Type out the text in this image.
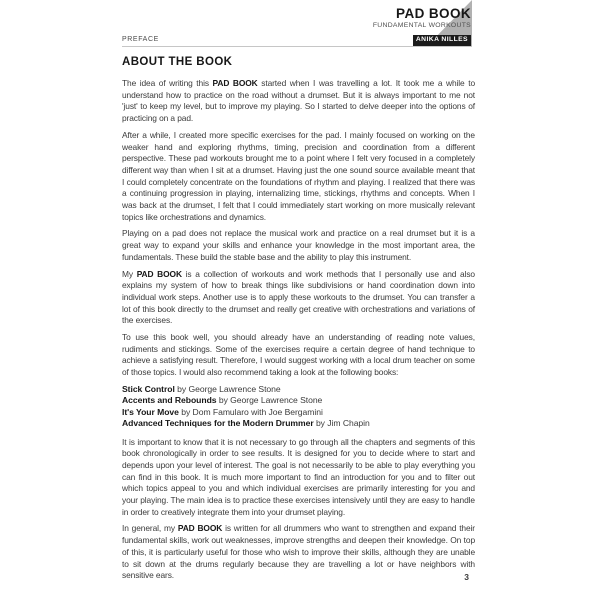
PAD BOOK
FUNDAMENTAL WORKOUTS
ANIKA NILLES
PREFACE
ABOUT THE BOOK

The idea of writing this PAD BOOK started when I was travelling a lot. It took me a while to understand how to practice on the road without a drumset. But it is always important to me not 'just' to keep my level, but to improve my playing. So I started to delve deeper into the options of practicing on a pad.

After a while, I created more specific exercises for the pad. I mainly focused on working on the weaker hand and exploring rhythms, timing, precision and coordination from a different perspective. These pad workouts brought me to a point where I felt very focused in a completely different way than when I sit at a drumset. Having just the one sound source available meant that I could completely concentrate on the foundations of rhythm and playing. I realized that there was a continuing progression in playing, internalizing time, stickings, rhythms and concepts. When I was back at the drumset, I felt that I could immediately start working on more musically relevant topics like orchestrations and dynamics.

Playing on a pad does not replace the musical work and practice on a real drumset but it is a great way to expand your skills and enhance your knowledge in the most important area, the fundamentals. These build the stable base and the ability to play this instrument.

My PAD BOOK is a collection of workouts and work methods that I personally use and also explains my system of how to break things like subdivisions or hand coordination down into individual work steps. Another use is to apply these workouts to the drumset. You can transfer a lot of this book directly to the drumset and really get creative with orchestrations and variations of the exercises.

To use this book well, you should already have an understanding of reading note values, rudiments and stickings. Some of the exercises require a certain degree of hand technique to achieve a satisfying result. Therefore, I would suggest working with a local drum teacher on some of those topics. I would also recommend taking a look at the following books:

Stick Control by George Lawrence Stone
Accents and Rebounds by George Lawrence Stone
It's Your Move by Dom Famularo with Joe Bergamini
Advanced Techniques for the Modern Drummer by Jim Chapin

It is important to know that it is not necessary to go through all the chapters and segments of this book chronologically in order to see results. It is designed for you to decide where to start and depends upon your level of interest. The goal is not necessarily to be able to play everything you can find in this book. It is much more important to find an introduction for you and to filter out which topics appeal to you and which individual exercises are primarily interesting for you and your playing. The main idea is to practice these exercises intensively until they are easy to handle in order to creatively integrate them into your drumset playing.

In general, my PAD BOOK is written for all drummers who want to strengthen and expand their fundamental skills, work out weaknesses, improve strengths and deepen their knowledge. On top of this, it is particularly useful for those who wish to improve their skills, although they are unable to sit down at the drums regularly because they are travelling a lot or have neighbors with sensitive ears.	3
